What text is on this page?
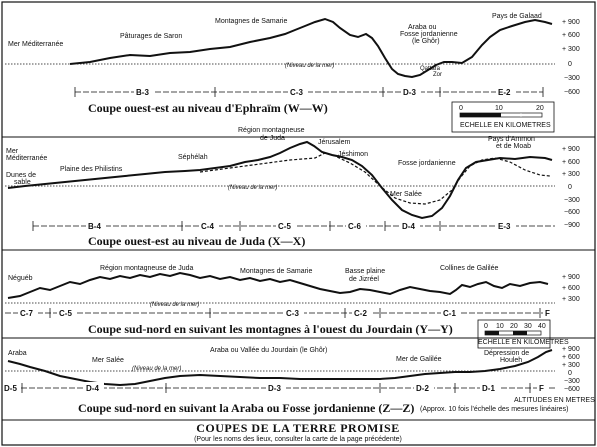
(Niveau de la mer)
+ 900
+ 600
+ 300
0
−300
−600
Mer Méditerranée
Pâturages de Saron
Montagnes de Samarie
Araba ou
Fosse jordanienne
(le Ghôr)
Qattara
Zor
Pays de Galaad
B-3	C-3	D-3	E-2
Coupe ouest-est au niveau d'Ephraïm (W—W)	0	10	20
ECHELLE EN KILOMETRES
(Niveau de la mer)
+ 900
+ 600
+ 300
0
−300
−600
−900
Mer
Méditerranée
Dunes de
sable
Plaine des Philistins
Séphélah
Région montagneuse
de Juda
Jérusalem
Jéshimon
Fosse jordanienne
Pays d'Ammon
et de Moab
Mer Salée
B-4	C-4	C-5	C-6	D-4	E-3
Coupe ouest-est au niveau de Juda (X—X)
(Niveau de la mer)
+ 900
+ 600
+ 300
Néguéb
Région montagneuse de Juda	Montagnes de Samarie	Basse plaine
de Jizréel
Collines de Galilée
C-7	C-5	C-3	C-2	C-1	F
Coupe sud-nord en suivant les montagnes à l'ouest du Jourdain (Y—Y)	0 10 20 30 40
ECHELLE EN KILOMETRES
(Niveau de la mer)
+ 900
+ 600
+ 300
0
−300
−600
Araba
Mer Salée
Araba ou Vallée du Jourdain (le Ghôr)
Mer de Galilée
Dépression de
Houleh
D-5	D-4	D-3	D-2	D-1	F
Coupe sud-nord en suivant la Araba ou Fosse jordanienne (Z—Z)
ALTITUDES EN METRES
(Approx. 10 fois l'échelle des mesures linéaires)
COUPES DE LA TERRE PROMISE
(Pour les noms des lieux, consulter la carte de la page précédente)
